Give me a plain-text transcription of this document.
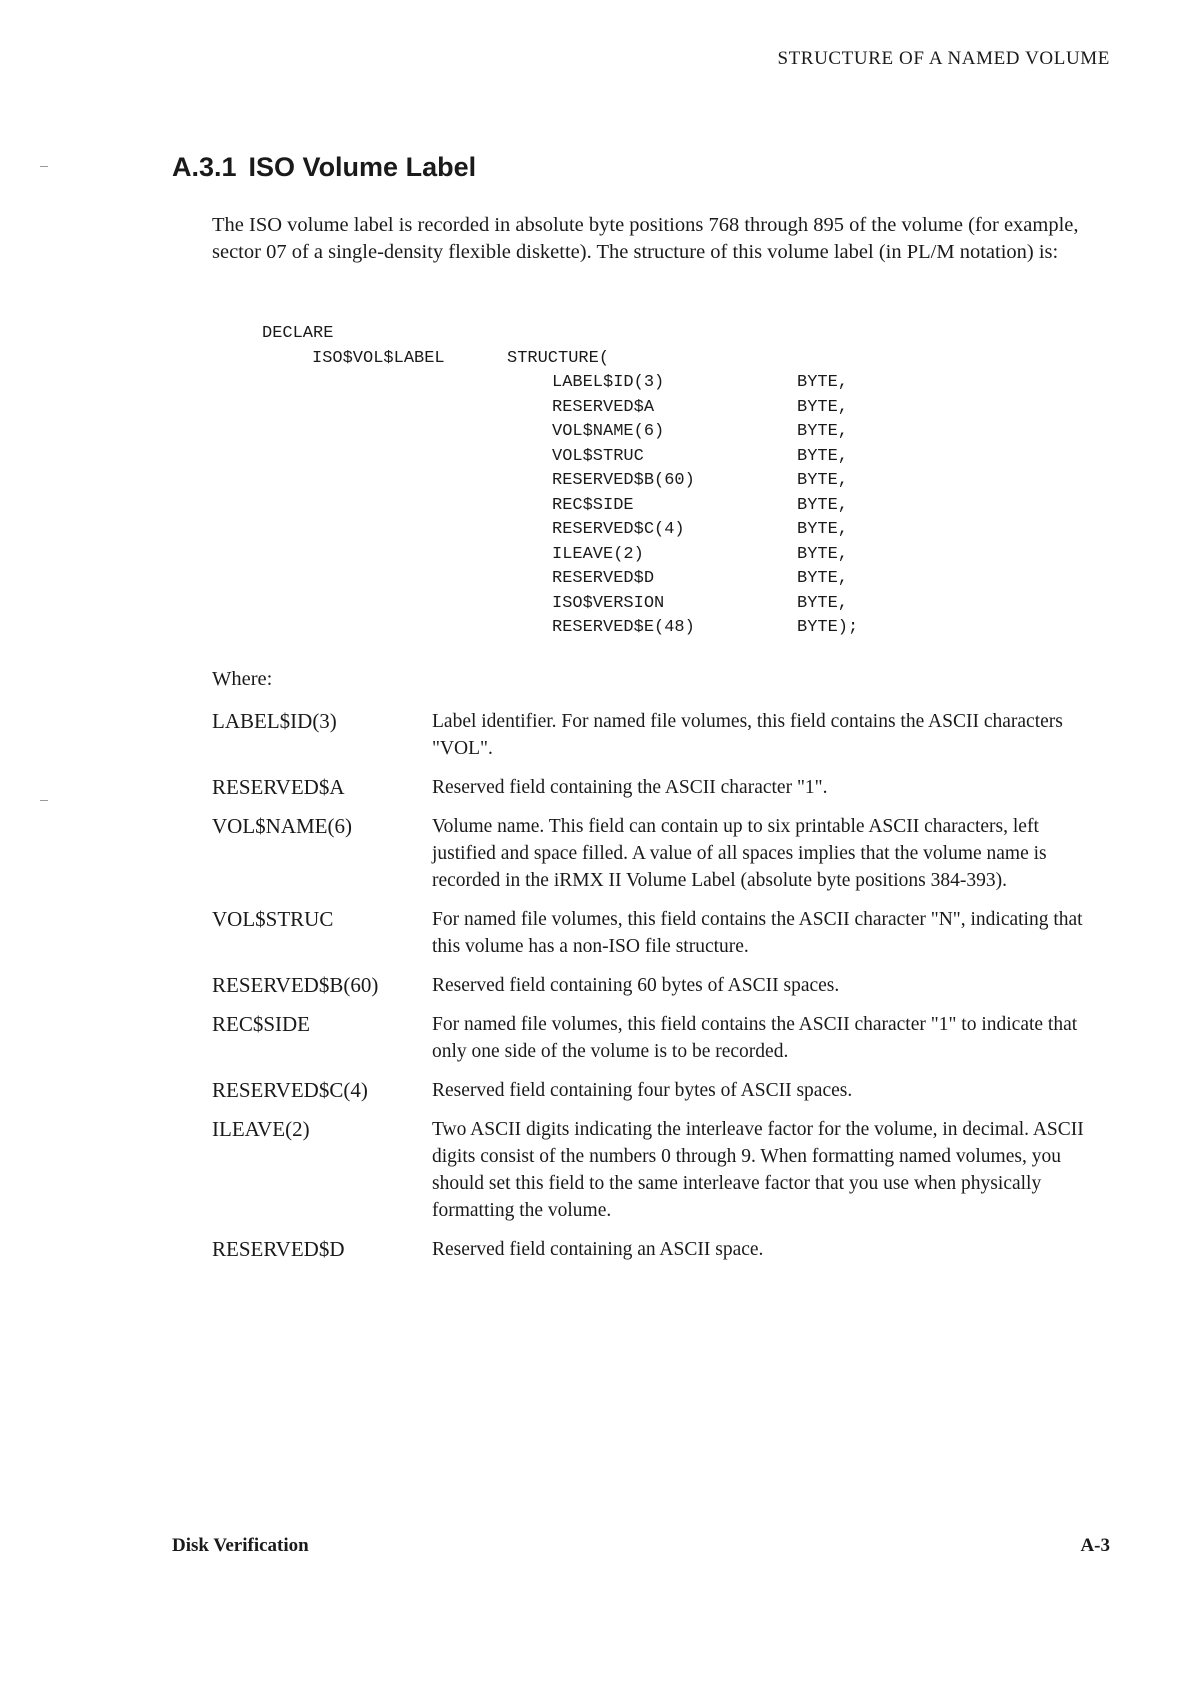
STRUCTURE OF A NAMED VOLUME
A.3.1 ISO Volume Label

The ISO volume label is recorded in absolute byte positions 768 through 895 of the volume (for example, sector 07 of a single-density flexible diskette). The structure of this volume label (in PL/M notation) is:

DECLARE
ISO$VOL$LABEL	STRUCTURE(
LABEL$ID(3)	BYTE,
RESERVED$A	BYTE,
VOL$NAME(6)	BYTE,
VOL$STRUC	BYTE,
RESERVED$B(60)	BYTE,
REC$SIDE	BYTE,
RESERVED$C(4)	BYTE,
ILEAVE(2)	BYTE,
RESERVED$D	BYTE,
ISO$VERSION	BYTE,
RESERVED$E(48)	BYTE);

Where:

LABEL$ID(3)	Label identifier. For named file volumes, this field contains the ASCII characters "VOL".
RESERVED$A	Reserved field containing the ASCII character "1".
VOL$NAME(6)	Volume name. This field can contain up to six printable ASCII characters, left justified and space filled. A value of all spaces implies that the volume name is recorded in the iRMX II Volume Label (absolute byte positions 384-393).
VOL$STRUC	For named file volumes, this field contains the ASCII character "N", indicating that this volume has a non-ISO file structure.
RESERVED$B(60)	Reserved field containing 60 bytes of ASCII spaces.
REC$SIDE	For named file volumes, this field contains the ASCII character "1" to indicate that only one side of the volume is to be recorded.
RESERVED$C(4)	Reserved field containing four bytes of ASCII spaces.
ILEAVE(2)	Two ASCII digits indicating the interleave factor for the volume, in decimal. ASCII digits consist of the numbers 0 through 9. When formatting named volumes, you should set this field to the same interleave factor that you use when physically formatting the volume.
RESERVED$D	Reserved field containing an ASCII space.
Disk Verification	A-3
